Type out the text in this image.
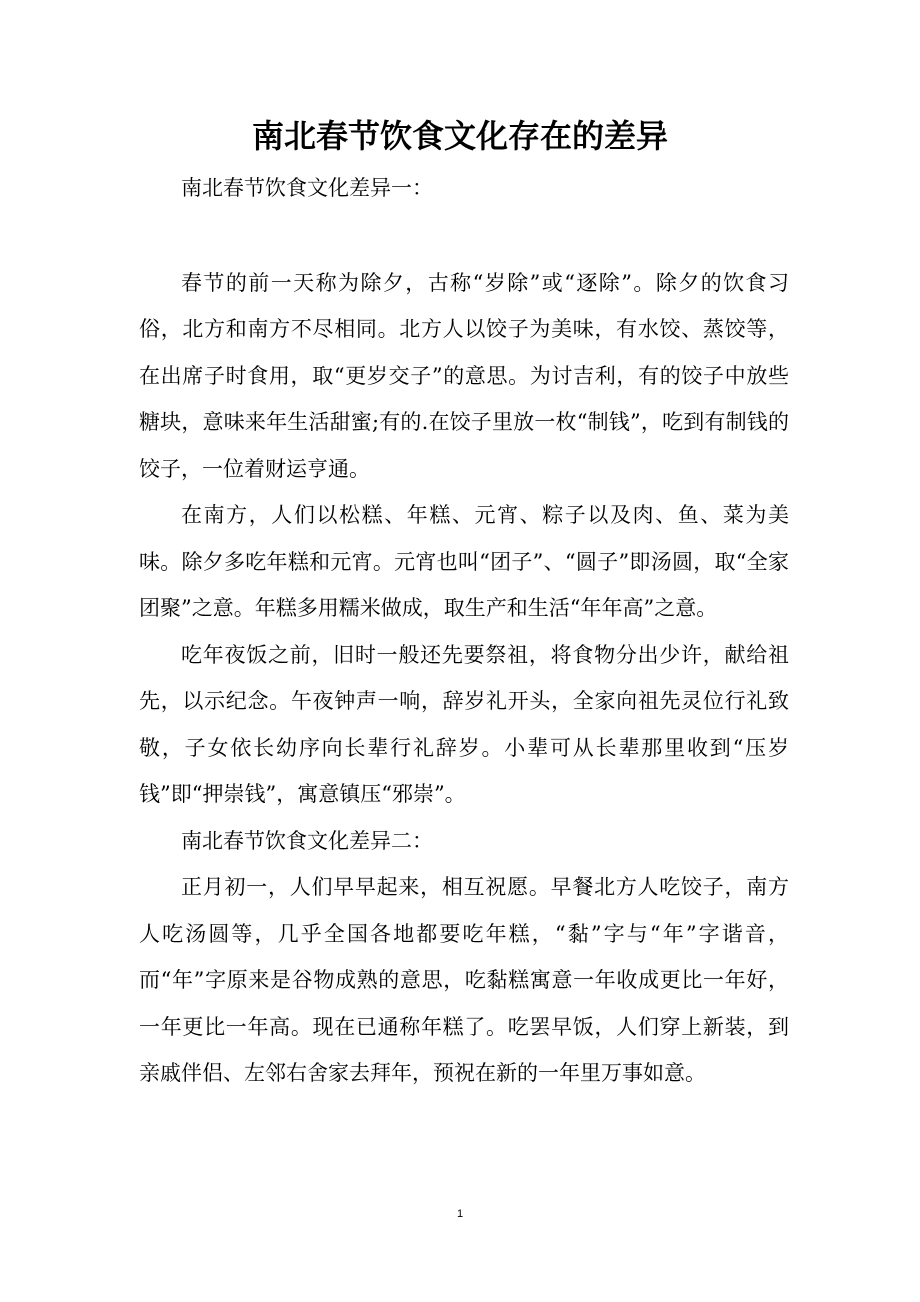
南北春节饮食文化存在的差异

南北春节饮食文化差异一：

春节的前一天称为除夕，古称“岁除”或“逐除”。除夕的饮食习俗，北方和南方不尽相同。北方人以饺子为美味，有水饺、蒸饺等，在出席子时食用，取“更岁交子”的意思。为讨吉利，有的饺子中放些糖块，意味来年生活甜蜜;有的.在饺子里放一枚“制钱”，吃到有制钱的饺子，一位着财运亨通。

在南方，人们以松糕、年糕、元宵、粽子以及肉、鱼、菜为美味。除夕多吃年糕和元宵。元宵也叫“团子”、“圆子”即汤圆，取“全家团聚”之意。年糕多用糯米做成，取生产和生活“年年高”之意。

吃年夜饭之前，旧时一般还先要祭祖，将食物分出少许，献给祖先，以示纪念。午夜钟声一响，辞岁礼开头，全家向祖先灵位行礼致敬，子女依长幼序向长辈行礼辞岁。小辈可从长辈那里收到“压岁钱”即“押崇钱”，寓意镇压“邪崇”。

南北春节饮食文化差异二：

正月初一，人们早早起来，相互祝愿。早餐北方人吃饺子，南方人吃汤圆等，几乎全国各地都要吃年糕，“黏”字与“年”字谐音，而“年”字原来是谷物成熟的意思，吃黏糕寓意一年收成更比一年好，一年更比一年高。现在已通称年糕了。吃罢早饭，人们穿上新装，到亲戚伴侣、左邻右舍家去拜年，预祝在新的一年里万事如意。

1
